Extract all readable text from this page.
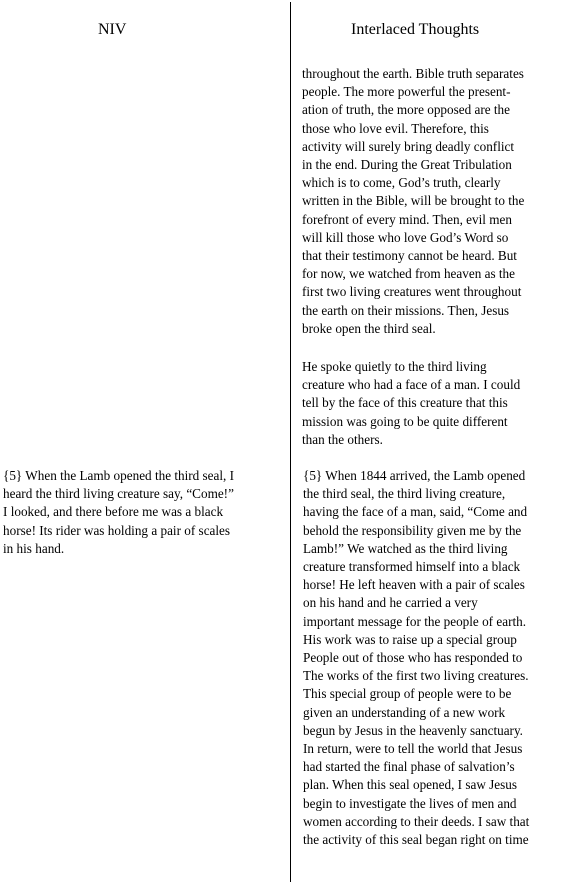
NIV	Interlaced Thoughts
{5} When the Lamb opened the third seal, I
heard the third living creature say, “Come!”
I looked, and there before me was a black
horse! Its rider was holding a pair of scales
in his hand.
throughout the earth. Bible truth separates
people. The more powerful the present-
ation of truth, the more opposed are the
those who love evil. Therefore, this
activity will surely bring deadly conflict
in the end. During the Great Tribulation
which is to come, God’s truth, clearly
written in the Bible, will be brought to the
forefront of every mind. Then, evil men
will kill those who love God’s Word so
that their testimony cannot be heard. But
for now, we watched from heaven as the
first two living creatures went throughout
the earth on their missions. Then, Jesus
broke open the third seal.
He spoke quietly to the third living
creature who had a face of a man. I could
tell by the face of this creature that this
mission was going to be quite different
than the others.
{5} When 1844 arrived, the Lamb opened
the third seal, the third living creature,
having the face of a man, said, “Come and
behold the responsibility given me by the
Lamb!” We watched as the third living
creature transformed himself into a black
horse! He left heaven with a pair of scales
on his hand and he carried a very
important message for the people of earth.
His work was to raise up a special group
People out of those who has responded to
The works of the first two living creatures.
This special group of people were to be
given an understanding of a new work
begun by Jesus in the heavenly sanctuary.
In return, were to tell the world that Jesus
had started the final phase of salvation’s
plan. When this seal opened, I saw Jesus
begin to investigate the lives of men and
women according to their deeds. I saw that
the activity of this seal began right on time
